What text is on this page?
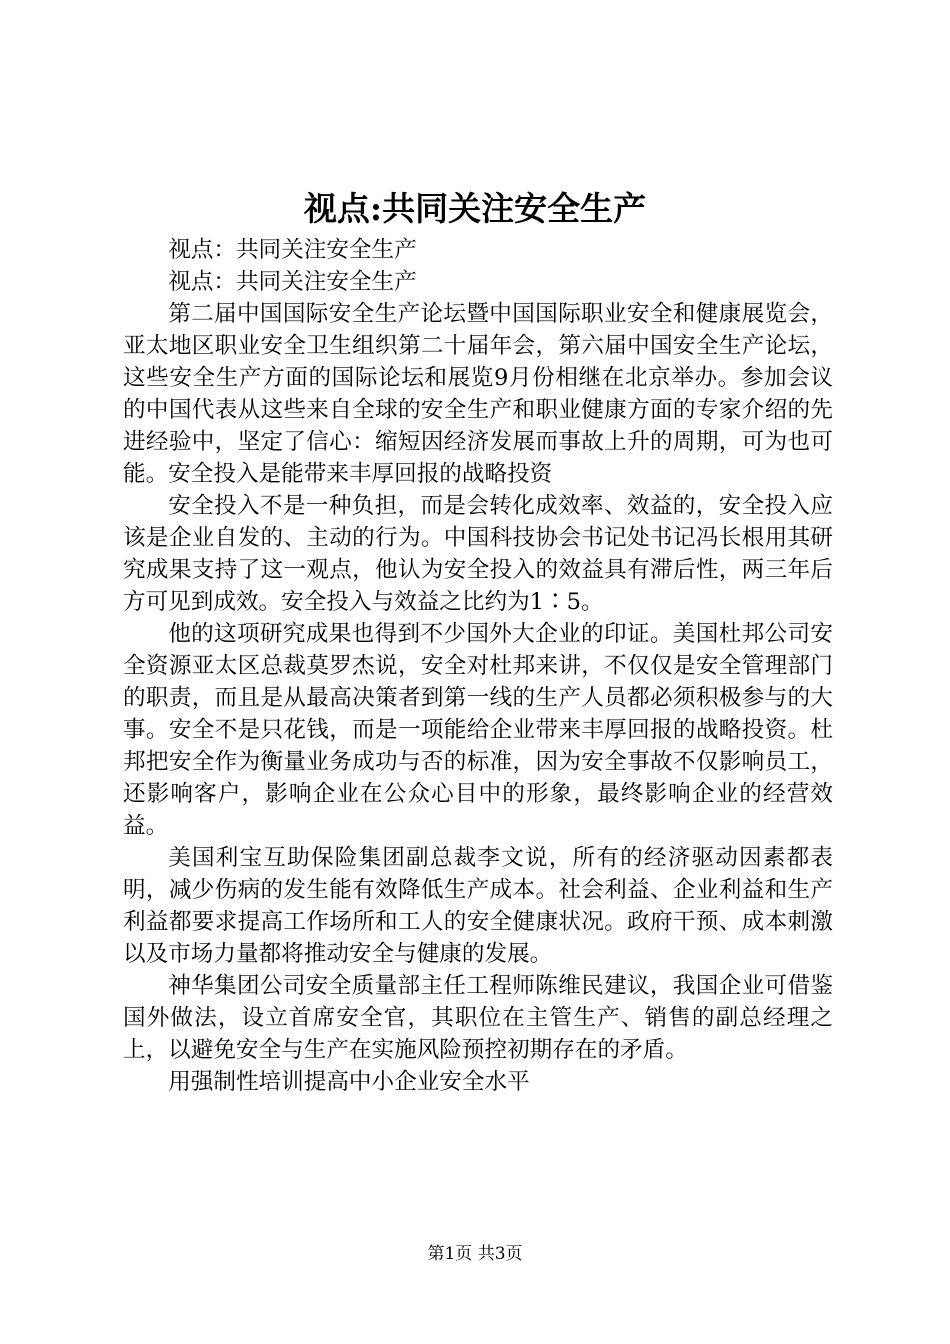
视点:共同关注安全生产

视点：共同关注安全生产

视点：共同关注安全生产

第二届中国国际安全生产论坛暨中国国际职业安全和健康展览会，亚太地区职业安全卫生组织第二十届年会，第六届中国安全生产论坛，这些安全生产方面的国际论坛和展览9月份相继在北京举办。参加会议的中国代表从这些来自全球的安全生产和职业健康方面的专家介绍的先进经验中，坚定了信心：缩短因经济发展而事故上升的周期，可为也可能。安全投入是能带来丰厚回报的战略投资

安全投入不是一种负担，而是会转化成效率、效益的，安全投入应该是企业自发的、主动的行为。中国科技协会书记处书记冯长根用其研究成果支持了这一观点，他认为安全投入的效益具有滞后性，两三年后方可见到成效。安全投入与效益之比约为1∶5。

他的这项研究成果也得到不少国外大企业的印证。美国杜邦公司安全资源亚太区总裁莫罗杰说，安全对杜邦来讲，不仅仅是安全管理部门的职责，而且是从最高决策者到第一线的生产人员都必须积极参与的大事。安全不是只花钱，而是一项能给企业带来丰厚回报的战略投资。杜邦把安全作为衡量业务成功与否的标准，因为安全事故不仅影响员工，还影响客户，影响企业在公众心目中的形象，最终影响企业的经营效益。

美国利宝互助保险集团副总裁李文说，所有的经济驱动因素都表明，减少伤病的发生能有效降低生产成本。社会利益、企业利益和生产利益都要求提高工作场所和工人的安全健康状况。政府干预、成本刺激以及市场力量都将推动安全与健康的发展。

神华集团公司安全质量部主任工程师陈维民建议，我国企业可借鉴国外做法，设立首席安全官，其职位在主管生产、销售的副总经理之上，以避免安全与生产在实施风险预控初期存在的矛盾。

用强制性培训提高中小企业安全水平

第1页 共3页
